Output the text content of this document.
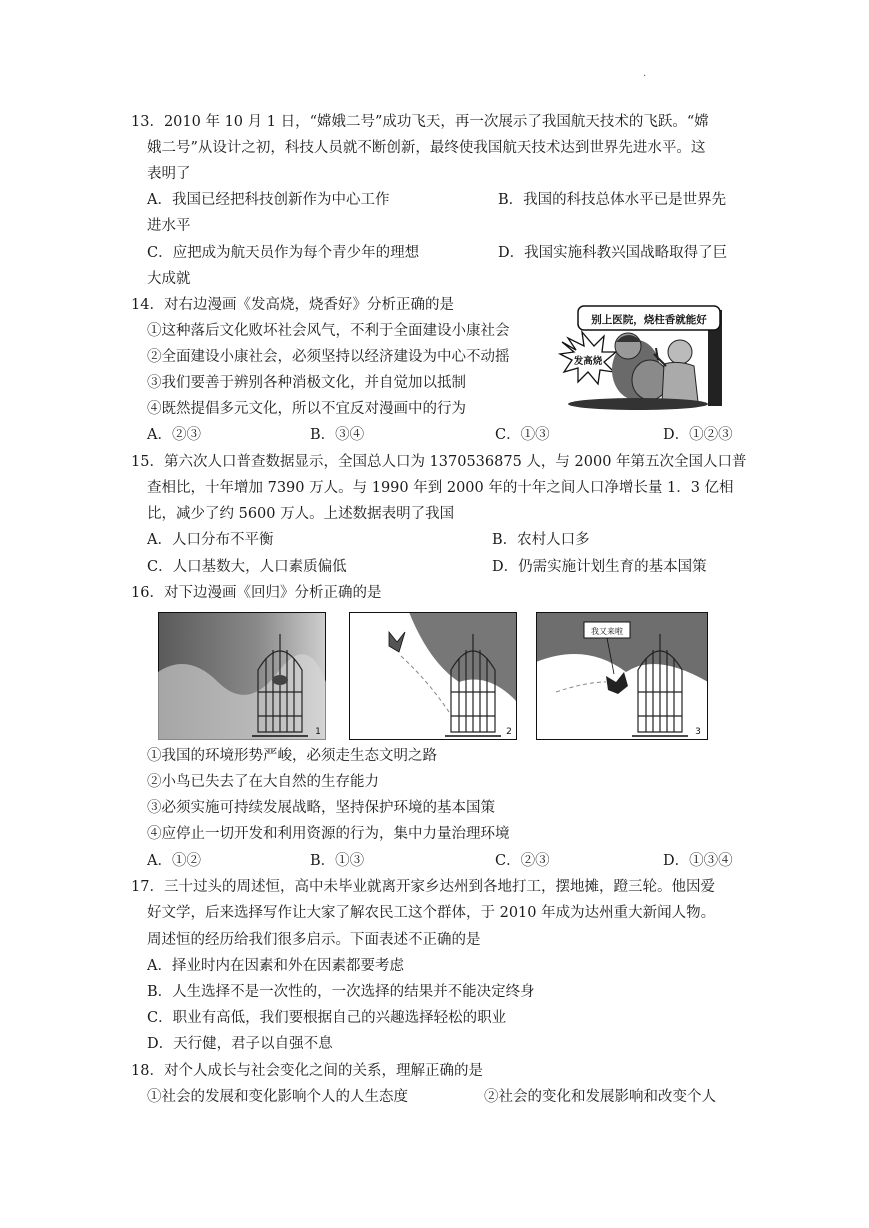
.
13．2010 年 10 月 1 日，“嫦娥二号”成功飞天，再一次展示了我国航天技术的飞跃。“嫦
娥二号”从设计之初，科技人员就不断创新，最终使我国航天技术达到世界先进水平。这
表明了
A．我国已经把科技创新作为中心工作	B．我国的科技总体水平已是世界先
进水平
C．应把成为航天员作为每个青少年的理想	D．我国实施科教兴国战略取得了巨
大成就
14．对右边漫画《发高烧，烧香好》分析正确的是
①这种落后文化败坏社会风气，不利于全面建设小康社会
②全面建设小康社会，必须坚持以经济建设为中心不动摇
③我们要善于辨别各种消极文化，并自觉加以抵制
④既然提倡多元文化，所以不宜反对漫画中的行为
A．②③	B．③④	C．①③	D．①②③
别上医院，烧柱香就能好
发高烧
15．第六次人口普查数据显示，全国总人口为 1370536875 人，与 2000 年第五次全国人口普
查相比，十年增加 7390 万人。与 1990 年到 2000 年的十年之间人口净增长量 1．3 亿相
比，减少了约 5600 万人。上述数据表明了我国
A．人口分布不平衡	B．农村人口多
C．人口基数大，人口素质偏低	D．仍需实施计划生育的基本国策
16．对下边漫画《回归》分析正确的是
1	2
我又来啦
3
①我国的环境形势严峻，必须走生态文明之路
②小鸟已失去了在大自然的生存能力
③必须实施可持续发展战略，坚持保护环境的基本国策
④应停止一切开发和利用资源的行为，集中力量治理环境
A．①②	B．①③	C．②③	D．①③④
17．三十过头的周述恒，高中未毕业就离开家乡达州到各地打工，摆地摊，蹬三轮。他因爱
好文学，后来选择写作让大家了解农民工这个群体，于 2010 年成为达州重大新闻人物。
周述恒的经历给我们很多启示。下面表述不正确的是
A．择业时内在因素和外在因素都要考虑
B．人生选择不是一次性的，一次选择的结果并不能决定终身
C．职业有高低，我们要根据自己的兴趣选择轻松的职业
D．天行健，君子以自强不息
18．对个人成长与社会变化之间的关系，理解正确的是
①社会的发展和变化影响个人的人生态度	②社会的变化和发展影响和改变个人
